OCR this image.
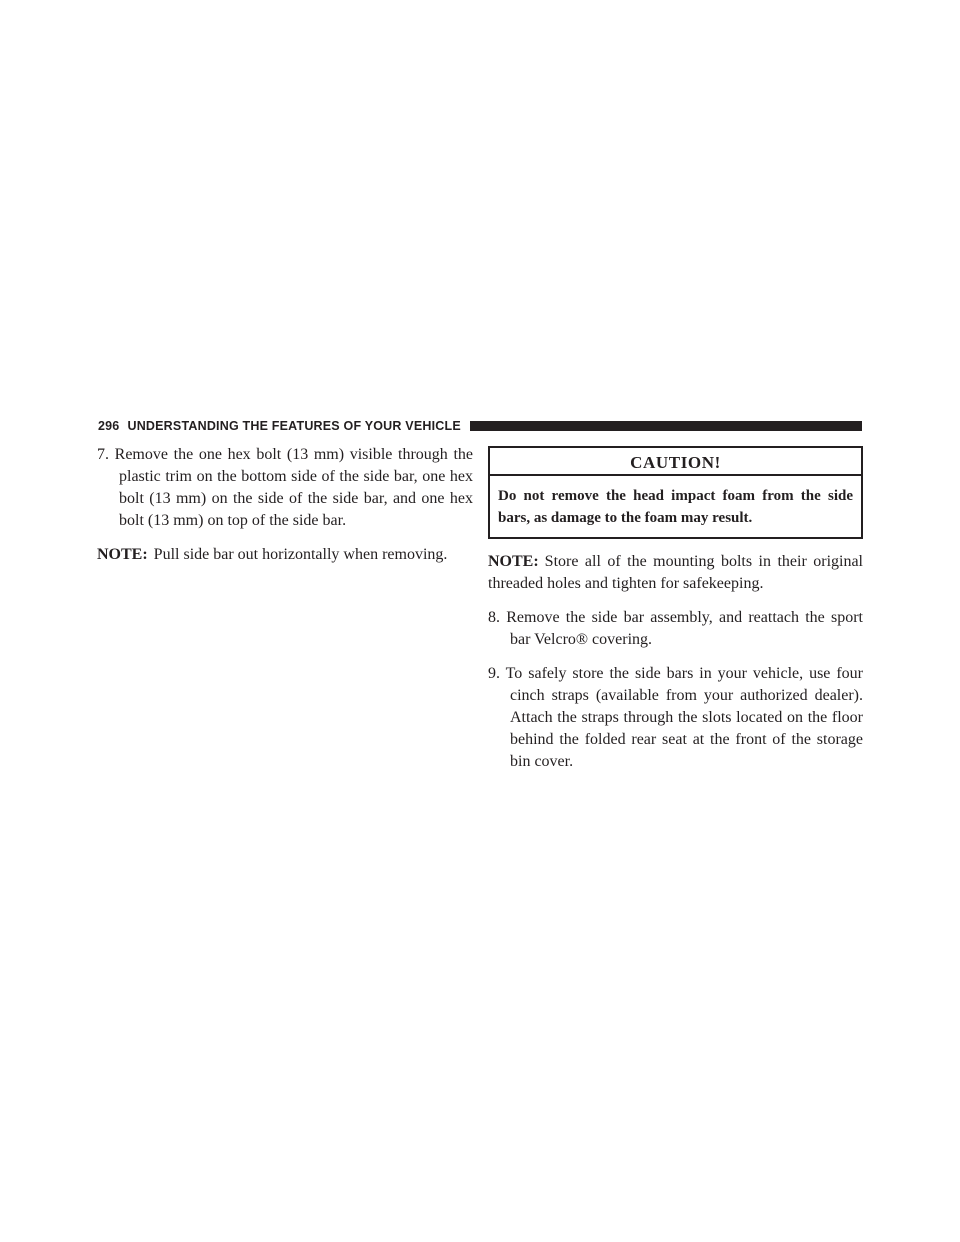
296 UNDERSTANDING THE FEATURES OF YOUR VEHICLE

7. Remove the one hex bolt (13 mm) visible through the plastic trim on the bottom side of the side bar, one hex bolt (13 mm) on the side of the side bar, and one hex bolt (13 mm) on top of the side bar.

NOTE: Pull side bar out horizontally when removing.

CAUTION!
Do not remove the head impact foam from the side bars, as damage to the foam may result.

NOTE: Store all of the mounting bolts in their original threaded holes and tighten for safekeeping.

8. Remove the side bar assembly, and reattach the sport bar Velcro® covering.

9. To safely store the side bars in your vehicle, use four cinch straps (available from your authorized dealer). Attach the straps through the slots located on the floor behind the folded rear seat at the front of the storage bin cover.
